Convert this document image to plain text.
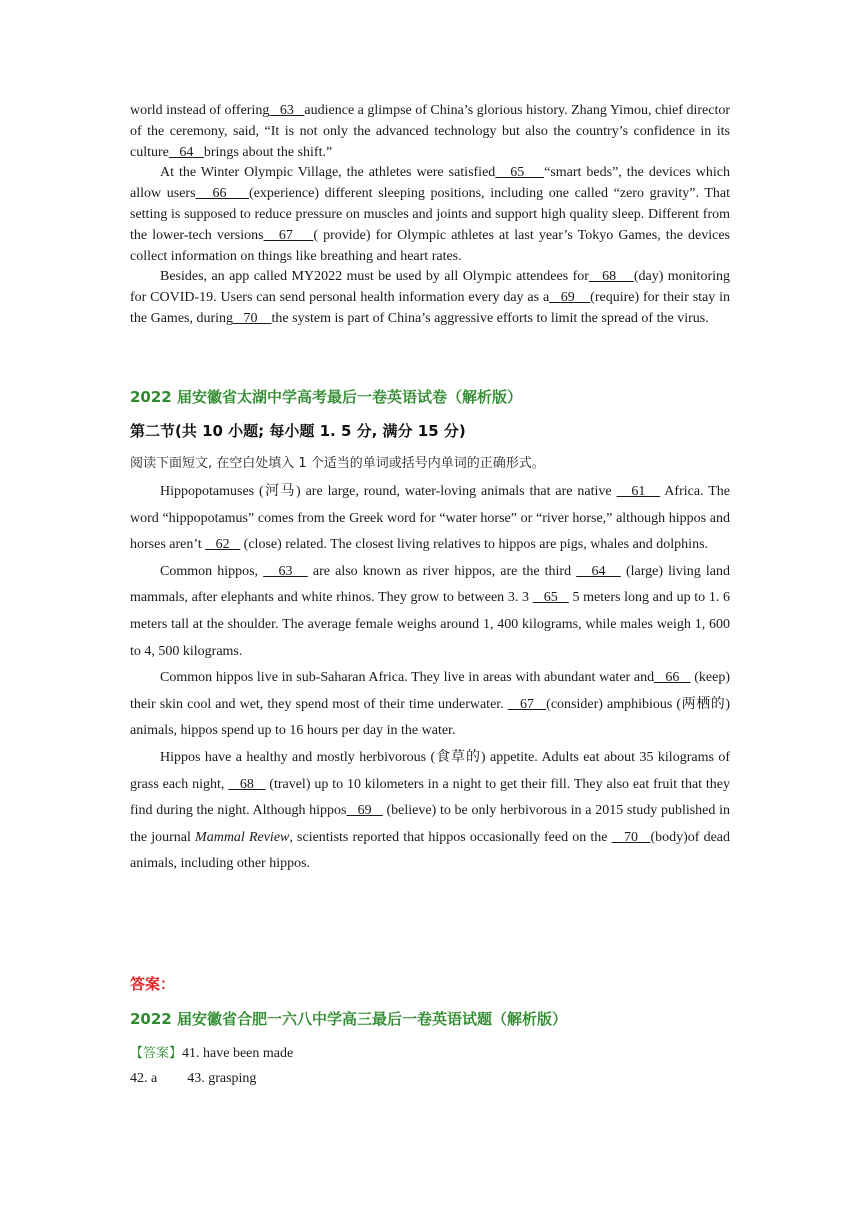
world instead of offering   63   audience a glimpse of China’s glorious history. Zhang Yimou, chief director of the ceremony, said, “It is not only the advanced technology but also the country’s confidence in its culture   64   brings about the shift.”

At the Winter Olympic Village, the athletes were satisfied   65    “smart beds”, the devices which allow users   66    (experience) different sleeping positions, including one called “zero gravity”. That setting is supposed to reduce pressure on muscles and joints and support high quality sleep. Different from the lower-tech versions   67    ( provide) for Olympic athletes at last year’s Tokyo Games, the devices collect information on things like breathing and heart rates.

Besides, an app called MY2022 must be used by all Olympic attendees for   68    (day) monitoring for COVID-19. Users can send personal health information every day as a   69    (require) for their stay in the Games, during   70    the system is part of China’s aggressive efforts to limit the spread of the virus.

2022 届安徽省太湖中学高考最后一卷英语试卷（解析版）
第二节(共 10 小题; 每小题 1. 5 分, 满分 15 分)
阅读下面短文, 在空白处填入 1 个适当的单词或括号内单词的正确形式。

Hippopotamuses (河马) are large, round, water-loving animals that are native    61    Africa. The word “hippopotamus” comes from the Greek word for “water horse” or “river horse,” although hippos and horses aren’t    62    (close) related. The closest living relatives to hippos are pigs, whales and dolphins.

Common hippos,    63    are also known as river hippos, are the third    64    (large) living land mammals, after elephants and white rhinos. They grow to between 3. 3    65    5 meters long and up to 1. 6 meters tall at the shoulder. The average female weighs around 1, 400 kilograms, while males weigh 1, 600 to 4, 500 kilograms.

Common hippos live in sub-Saharan Africa. They live in areas with abundant water and   66    (keep) their skin cool and wet, they spend most of their time underwater.    67   (consider) amphibious (两栖的) animals, hippos spend up to 16 hours per day in the water.

Hippos have a healthy and mostly herbivorous (食草的) appetite. Adults eat about 35 kilograms of grass each night,    68    (travel) up to 10 kilometers in a night to get their fill. They also eat fruit that they find during the night. Although hippos   69    (believe) to be only herbivorous in a 2015 study published in the journal Mammal Review, scientists reported that hippos occasionally feed on the    70   (body)of dead animals, including other hippos.

答案：
2022 届安徽省合肥一六八中学高三最后一卷英语试题（解析版）
【答案】41. have been made
42. a 43. grasping
